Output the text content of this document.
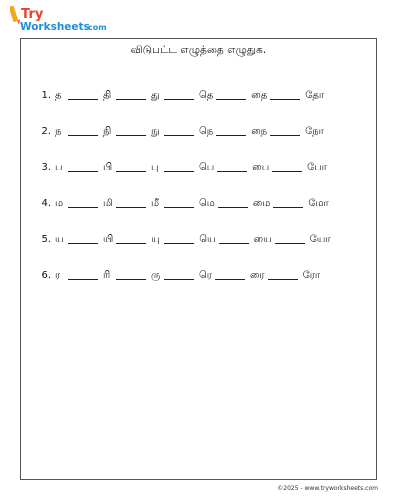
Try
Worksheets
.com
விடுபட்ட எழுத்தை எழுதுக.
1. த	தி	து	தெ	தை	தோ
2. ந	நி	நு	நெ	நை	நோ
3. ப	பி	பு	பெ	பை	போ
4. ம	மி	மீ	மெ	மை	மோ
5. ய	யி	யு	யெ	யை	யோ
6. ர	ரி	ரு	ரெ	ரை	ரோ
©2025 - www.tryworksheets.com
